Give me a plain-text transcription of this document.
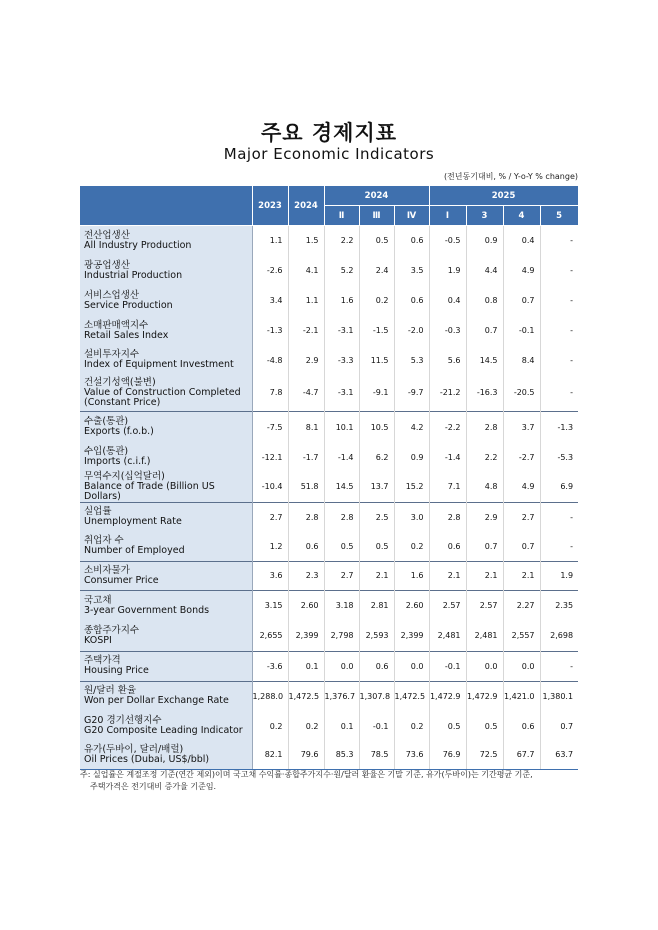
주요 경제지표
Major Economic Indicators
(전년동기대비, % / Y-o-Y % change)
	2023	2024	2024			2025			
			Ⅱ	Ⅲ	Ⅳ	Ⅰ	3	4	5

전산업생산
All Industry Production	1.1	1.5	2.2	0.5	0.6	-0.5	0.9	0.4	-

광공업생산
Industrial Production	-2.6	4.1	5.2	2.4	3.5	1.9	4.4	4.9	-

서비스업생산
Service Production	3.4	1.1	1.6	0.2	0.6	0.4	0.8	0.7	-

소매판매액지수
Retail Sales Index	-1.3	-2.1	-3.1	-1.5	-2.0	-0.3	0.7	-0.1	-

설비투자지수
Index of Equipment Investment	-4.8	2.9	-3.3	11.5	5.3	5.6	14.5	8.4	-

건설기성액(불변)
Value of Construction Completed
(Constant Price)	7.8	-4.7	-3.1	-9.1	-9.7	-21.2	-16.3	-20.5	-

수출(통관)
Exports (f.o.b.)	-7.5	8.1	10.1	10.5	4.2	-2.2	2.8	3.7	-1.3

수입(통관)
Imports (c.i.f.)	-12.1	-1.7	-1.4	6.2	0.9	-1.4	2.2	-2.7	-5.3

무역수지(십억달러)
Balance of Trade (Billion US Dollars)	-10.4	51.8	14.5	13.7	15.2	7.1	4.8	4.9	6.9

실업률
Unemployment Rate	2.7	2.8	2.8	2.5	3.0	2.8	2.9	2.7	-

취업자 수
Number of Employed	1.2	0.6	0.5	0.5	0.2	0.6	0.7	0.7	-

소비자물가
Consumer Price	3.6	2.3	2.7	2.1	1.6	2.1	2.1	2.1	1.9

국고채
3-year Government Bonds	3.15	2.60	3.18	2.81	2.60	2.57	2.57	2.27	2.35

종합주가지수
KOSPI	2,655	2,399	2,798	2,593	2,399	2,481	2,481	2,557	2,698

주택가격
Housing Price	-3.6	0.1	0.0	0.6	0.0	-0.1	0.0	0.0	-

원/달러 환율
Won per Dollar Exchange Rate	1,288.0	1,472.5	1,376.7	1,307.8	1,472.5	1,472.9	1,472.9	1,421.0	1,380.1

G20 경기선행지수
G20 Composite Leading Indicator	0.2	0.2	0.1	-0.1	0.2	0.5	0.5	0.6	0.7

유가(두바이, 달러/배럴)
Oil Prices (Dubai, US$/bbl)	82.1	79.6	85.3	78.5	73.6	76.9	72.5	67.7	63.7
주: 실업률은 계절조정 기준(연간 제외)이며 국고채 수익률·종합주가지수·원/달러 환율은 기말 기준, 유가(두바이)는 기간평균 기준,
주택가격은 전기대비 증가율 기준임.
